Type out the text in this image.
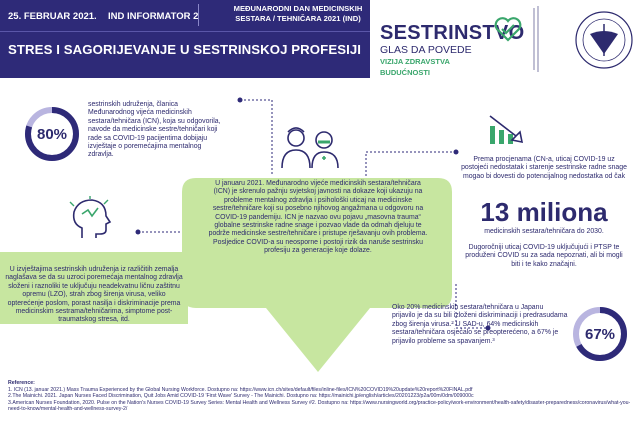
25. FEBRUAR 2021. IND INFORMATOR 2
MEĐUNARODNI DAN MEDICINSKIH
SESTARA / TEHNIČARA 2021 (IND)
STRES I SAGORIJEVANJE U SESTRINSKOJ PROFESIJI
SESTRINSTVO
GLAS DA POVEDE
VIZIJA ZDRAVSTVA
BUDUĆNOSTI
80%
sestrinskih udruženja, članica Međunarodnog vijeća medicinskih sestara/tehničara (ICN), koja su odgovorila, navode da medicinske sestre/tehničari koji rade sa COVID-19 pacijentima dobijaju izvještaje o poremećajima mentalnog zdravlja.
U januaru 2021. Međunarodno vijeće medicinskih sestara/tehničara (ICN) je skrenulo pažnju svjetskoj javnosti na dokaze koji ukazuju na probleme mentalnog zdravlja i psihološki uticaj na medicinske sestre/tehničare koji su posebno njihovog angažmana u odgovoru na COVID-19 pandemiju. ICN je nazvao ovu pojavu „masovna trauma“ globalne sestrinske radne snage i pozvao vlade da odmah djeluju te podrže medicinske sestre/tehničare i pristupe rješavanju ovih problema. Posljedice COVID-a su neosporne i postoji rizik da naruše sestrinsku profesiju za generacije koje dolaze.
Prema procjenama (CN-a, uticaj COVID-19 uz postojeći nedostatak i starenje sestrinske radne snage mogao bi dovesti do potencijalnog nedostatka od čak
13 miliona
medicinskih sestara/tehničara do 2030.
Dugoročniji uticaj COVID-19 uključujući i PTSP te produženi COVID su za sada nepoznati, ali bi mogli biti i te kako značajni.
U izvještajima sestrinskih udruženja iz različitih zemalja naglašava se da su uzroci poremećaja mentalnog zdravlja složeni i raznoliki te uključuju neadekvatnu ličnu zaštitnu opremu (LZO), strah zbog širenja virusa, veliko opterećenje poslom, porast nasilja i diskriminacije prema medicinskim sestrama/tehničarima, simptome post-traumatskog stresa, itd.
Oko 20% medicinskih sestara/tehničara u Japanu prijavilo je da su bili izloženi diskriminaciji i predrasudama zbog širenja virusa.² U SAD-u, 64% medicinskih sestara/tehničara osjećalo se preopterećeno, a 67% je prijavilo probleme sa spavanjem.³	67%
Reference:
1. ICN (13. januar 2021.) Mass Trauma Experienced by the Global Nursing Workforce. Dostupno na: https://www.icn.ch/sites/default/files/inline-files/ICN%20COVID19%20update%20report%20FINAL.pdf
2.The Mainichi. 2021. Japan Nurses Faced Discrimination, Quit Jobs Amid COVID-19 'First Wave' Survey - The Mainichi. Dostupno na: https://mainichi.jp/english/articles/20201223/p2a/00m/0dm/009000c
3.American Nurses Foundation, 2020. Pulse on the Nation's Nurses COVID-19 Survey Series: Mental Health and Wellness Survey #2. Dostupno na: https://www.nursingworld.org/practice-policy/work-environment/health-safety/disaster-preparedness/coronavirus/what-you-need-to-know/mental-health-and-wellness-survey-2/
